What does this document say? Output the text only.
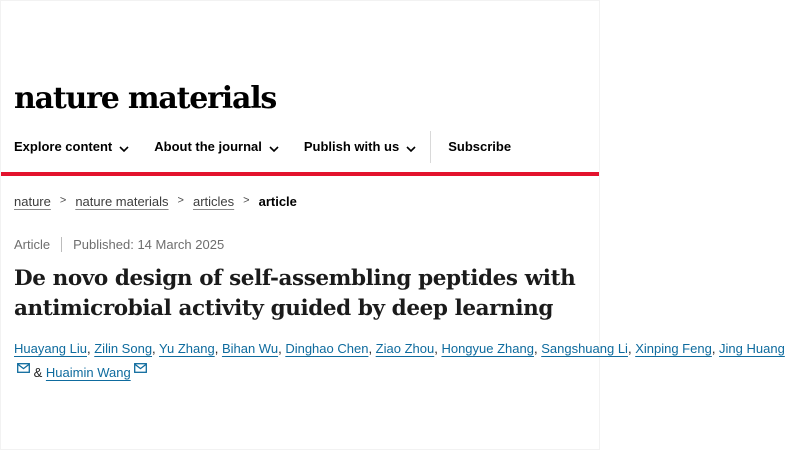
nature materials
Explore content	About the journal	Publish with us	Subscribe
nature > nature materials > articles > article
Article	Published: 14 March 2025
De novo design of self-assembling peptides with antimicrobial activity guided by deep learning
Huayang Liu, Zilin Song, Yu Zhang, Bihan Wu, Dinghao Chen, Ziao Zhou, Hongyue Zhang, Sangshuang Li, Xinping Feng, Jing Huang & Huaimin Wang
